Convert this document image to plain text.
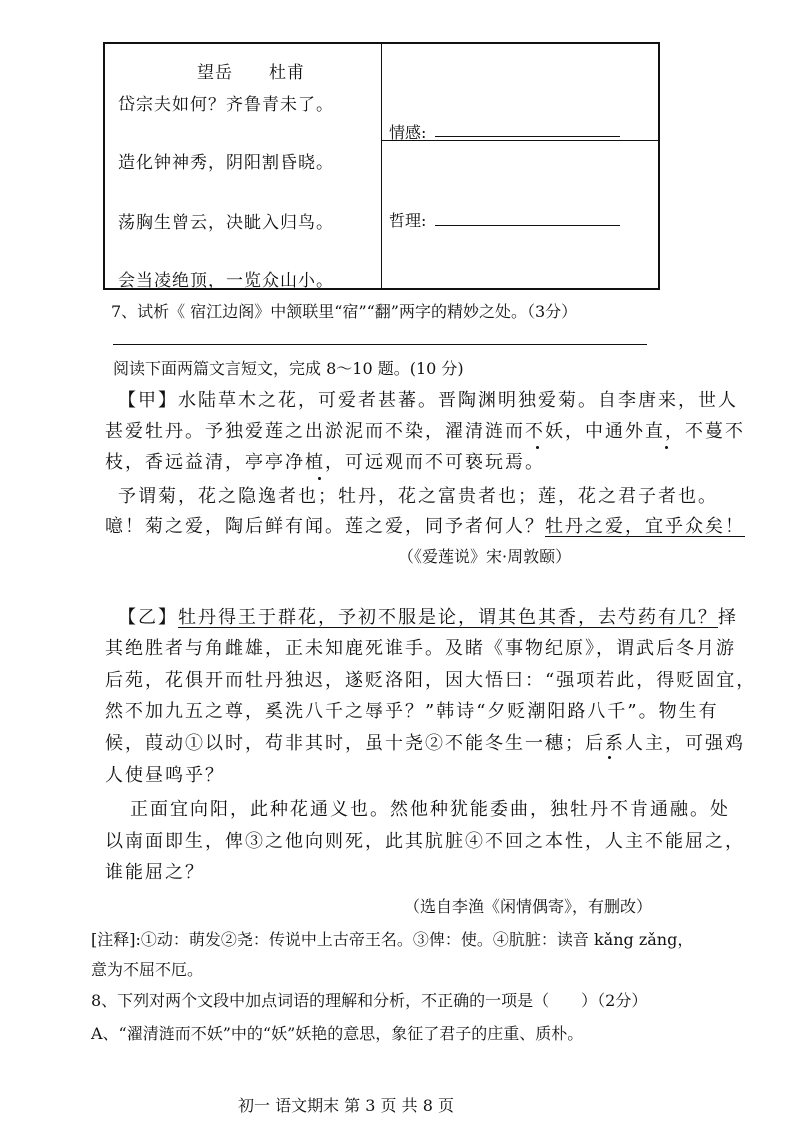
望岳　　杜甫
岱宗夫如何？齐鲁青未了。
造化钟神秀，阴阳割昏晓。
荡胸生曾云，决眦入归鸟。
会当凌绝顶，一览众山小。
情感:
哲理:
7、试析《 宿江边阁》中颔联里“宿”“翻”两字的精妙之处。（3分）
阅读下面两篇文言短文，完成 8～10 题。(10 分)
【甲】水陆草木之花，可爱者甚蕃。晋陶渊明独爱菊。自李唐来，世人
甚爱牡丹。予独爱莲之出淤泥而不染，濯清涟而不妖，中通外直，不蔓不
枝，香远益清，亭亭净植，可远观而不可亵玩焉。
予谓菊，花之隐逸者也；牡丹，花之富贵者也；莲，花之君子者也。
噫！菊之爱，陶后鲜有闻。莲之爱，同予者何人？牡丹之爱，宜乎众矣！
（《爱莲说》宋·周敦颐）
【乙】牡丹得王于群花，予初不服是论，谓其色其香，去芍药有几？择
其绝胜者与角雌雄，正未知鹿死谁手。及睹《事物纪原》，谓武后冬月游
后苑，花俱开而牡丹独迟，遂贬洛阳，因大悟曰：“强项若此，得贬固宜，
然不加九五之尊，奚洗八千之辱乎？”韩诗“夕贬潮阳路八千”。物生有
候，葭动①以时，苟非其时，虽十尧②不能冬生一穗；后系人主，可强鸡
人使昼鸣乎？
正面宜向阳，此种花通义也。然他种犹能委曲，独牡丹不肯通融。处
以南面即生，俾③之他向则死，此其肮脏④不回之本性，人主不能屈之，
谁能屈之？
（选自李渔《闲情偶寄》，有删改）
[注释]:①动：萌发②尧：传说中上古帝王名。③俾：使。④肮脏：读音 kǎng zǎng，
意为不屈不厄。
8、下列对两个文段中加点词语的理解和分析，不正确的一项是（　　）（2分）
A、“濯清涟而不妖”中的“妖”妖艳的意思，象征了君子的庄重、质朴。
初一 语文期末 第 3 页 共 8 页
